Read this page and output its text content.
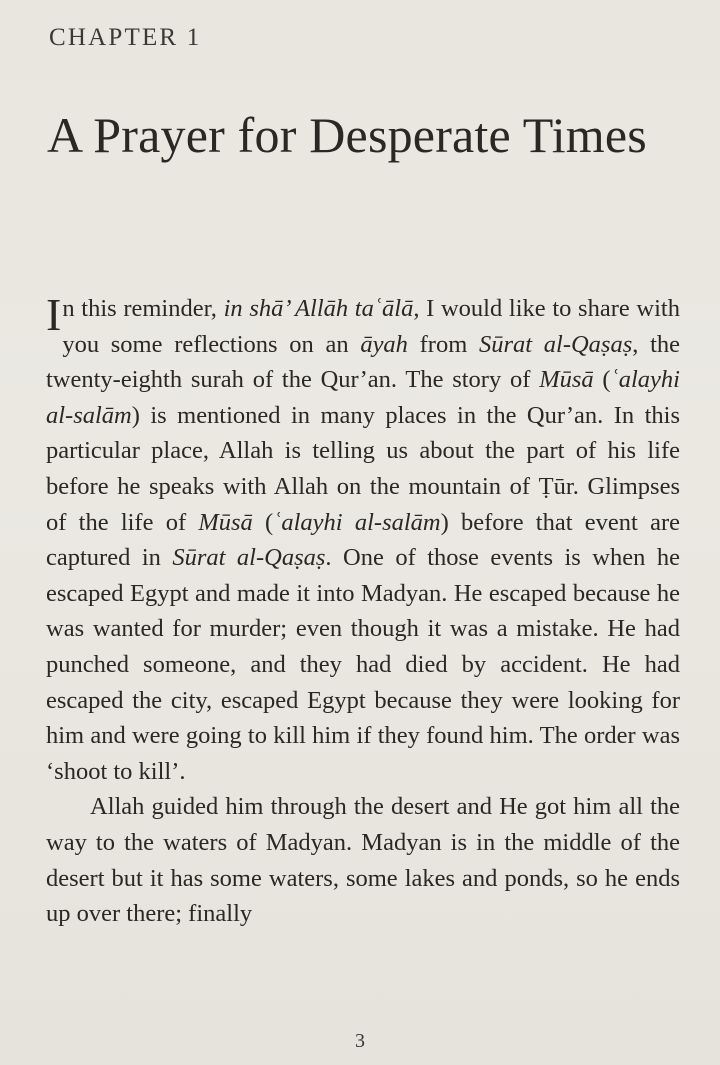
CHAPTER 1
A Prayer for Desperate Times

In this reminder, in shā’ Allāh taʿālā, I would like to share with you some reflections on an āyah from Sūrat al-Qaṣaṣ, the twenty-eighth surah of the Qur’an. The story of Mūsā (ʿalayhi al-salām) is mentioned in many places in the Qur’an. In this particular place, Allah is telling us about the part of his life before he speaks with Allah on the mountain of Ṭūr. Glimpses of the life of Mūsā (ʿalayhi al-salām) before that event are captured in Sūrat al-Qaṣaṣ. One of those events is when he escaped Egypt and made it into Madyan. He escaped because he was wanted for murder; even though it was a mistake. He had punched someone, and they had died by accident. He had escaped the city, escaped Egypt because they were looking for him and were going to kill him if they found him. The order was ‘shoot to kill’.

Allah guided him through the desert and He got him all the way to the waters of Madyan. Madyan is in the middle of the desert but it has some waters, some lakes and ponds, so he ends up over there; finally

3
